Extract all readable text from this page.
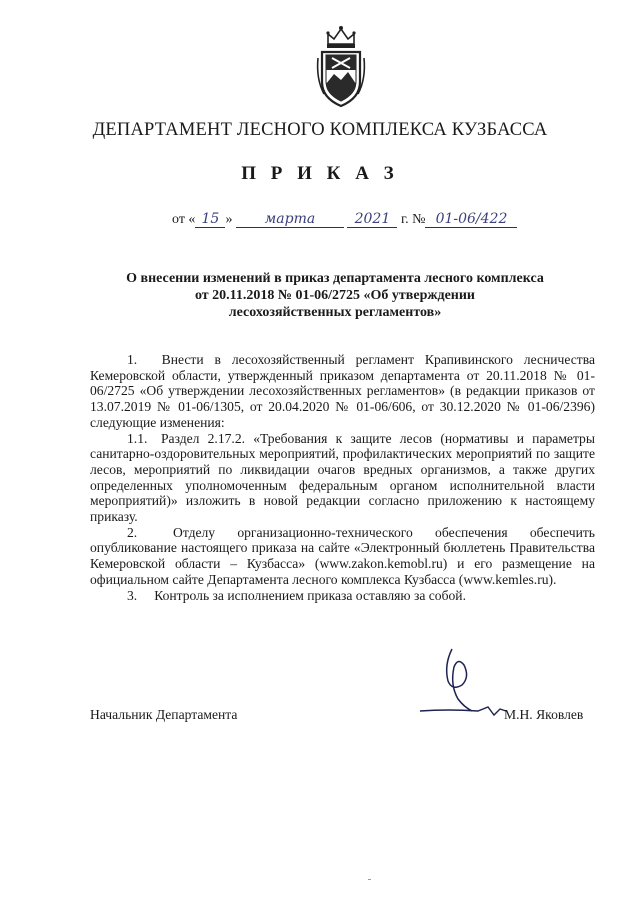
ДЕПАРТАМЕНТ ЛЕСНОГО КОМПЛЕКСА КУЗБАССА
П Р И К А З
от « 15 » марта	2021 г. № 01-06/422
О внесении изменений в приказ департамента лесного комплекса
от 20.11.2018 № 01-06/2725 «Об утверждении
лесохозяйственных регламентов»

1.  Внести в лесохозяйственный регламент Крапивинского лесничества Кемеровской области, утвержденный приказом департамента от 20.11.2018 № 01-06/2725 «Об утверждении лесохозяйственных регламентов» (в редакции приказов от 13.07.2019 № 01-06/1305, от 20.04.2020 № 01-06/606, от 30.12.2020 № 01-06/2396) следующие изменения:

1.1. Раздел 2.17.2. «Требования к защите лесов (нормативы и параметры санитарно-оздоровительных мероприятий, профилактических мероприятий по защите лесов, мероприятий по ликвидации очагов вредных организмов, а также других определенных уполномоченным федеральным органом исполнительной власти мероприятий)» изложить в новой редакции согласно приложению к настоящему приказу.

2.  Отделу организационно-технического обеспечения обеспечить опубликование настоящего приказа на сайте «Электронный бюллетень Правительства Кемеровской области – Кузбасса» (www.zakon.kemobl.ru) и его размещение на официальном сайте Департамента лесного комплекса Кузбасса (www.kemles.ru).

3.  Контроль за исполнением приказа оставляю за собой.

Начальник Департамента	М.Н. Яковлев
